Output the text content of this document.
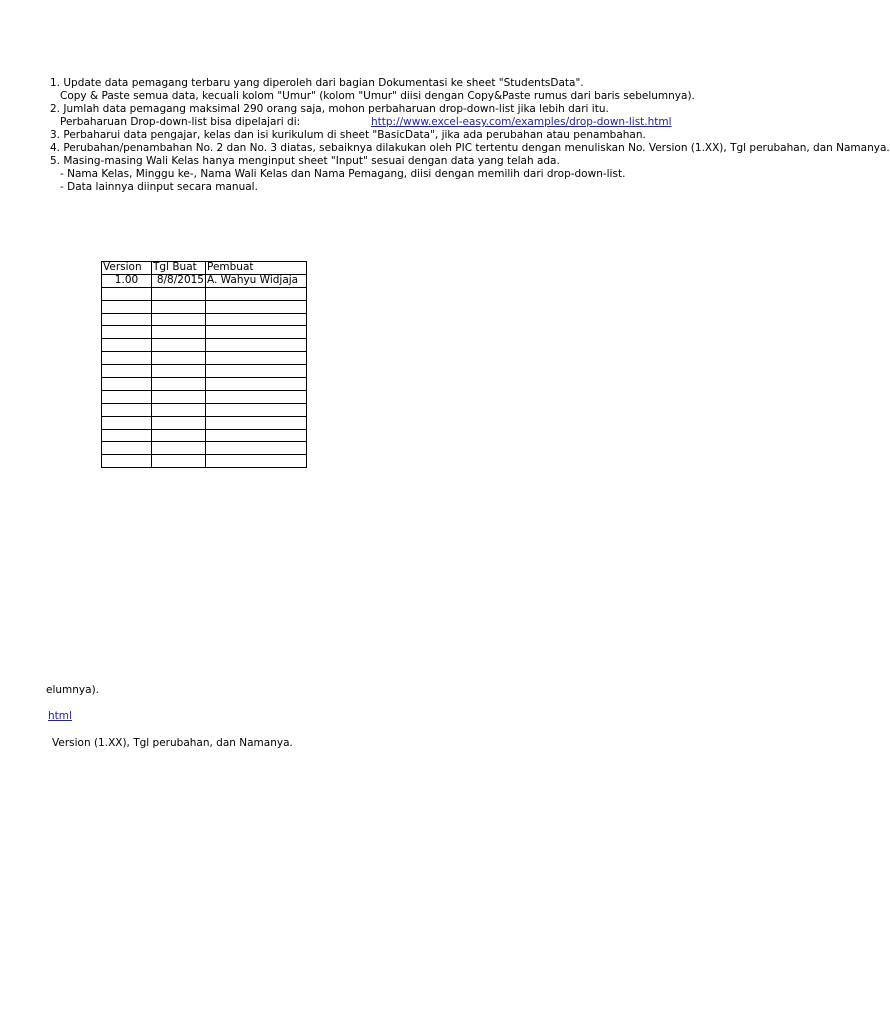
1. Update data pemagang terbaru yang diperoleh dari bagian Dokumentasi ke sheet "StudentsData".
Copy & Paste semua data, kecuali kolom "Umur" (kolom "Umur" diisi dengan Copy&Paste rumus dari baris sebelumnya).
2. Jumlah data pemagang maksimal 290 orang saja, mohon perbaharuan drop-down-list jika lebih dari itu.
Perbaharuan Drop-down-list bisa dipelajari di:	http://www.excel-easy.com/examples/drop-down-list.html
3. Perbaharui data pengajar, kelas dan isi kurikulum di sheet "BasicData", jika ada perubahan atau penambahan.
4. Perubahan/penambahan No. 2 dan No. 3 diatas, sebaiknya dilakukan oleh PIC tertentu dengan menuliskan No. Version (1.XX), Tgl perubahan, dan Namanya.
5. Masing-masing Wali Kelas hanya menginput sheet "Input" sesuai dengan data yang telah ada.
- Nama Kelas, Minggu ke-, Nama Wali Kelas dan Nama Pemagang, diisi dengan memilih dari drop-down-list.
- Data lainnya diinput secara manual.
Version	Tgl Buat	Pembuat
1.00	8/8/2015	A. Wahyu Widjaja

elumnya).
html
Version (1.XX), Tgl perubahan, dan Namanya.
